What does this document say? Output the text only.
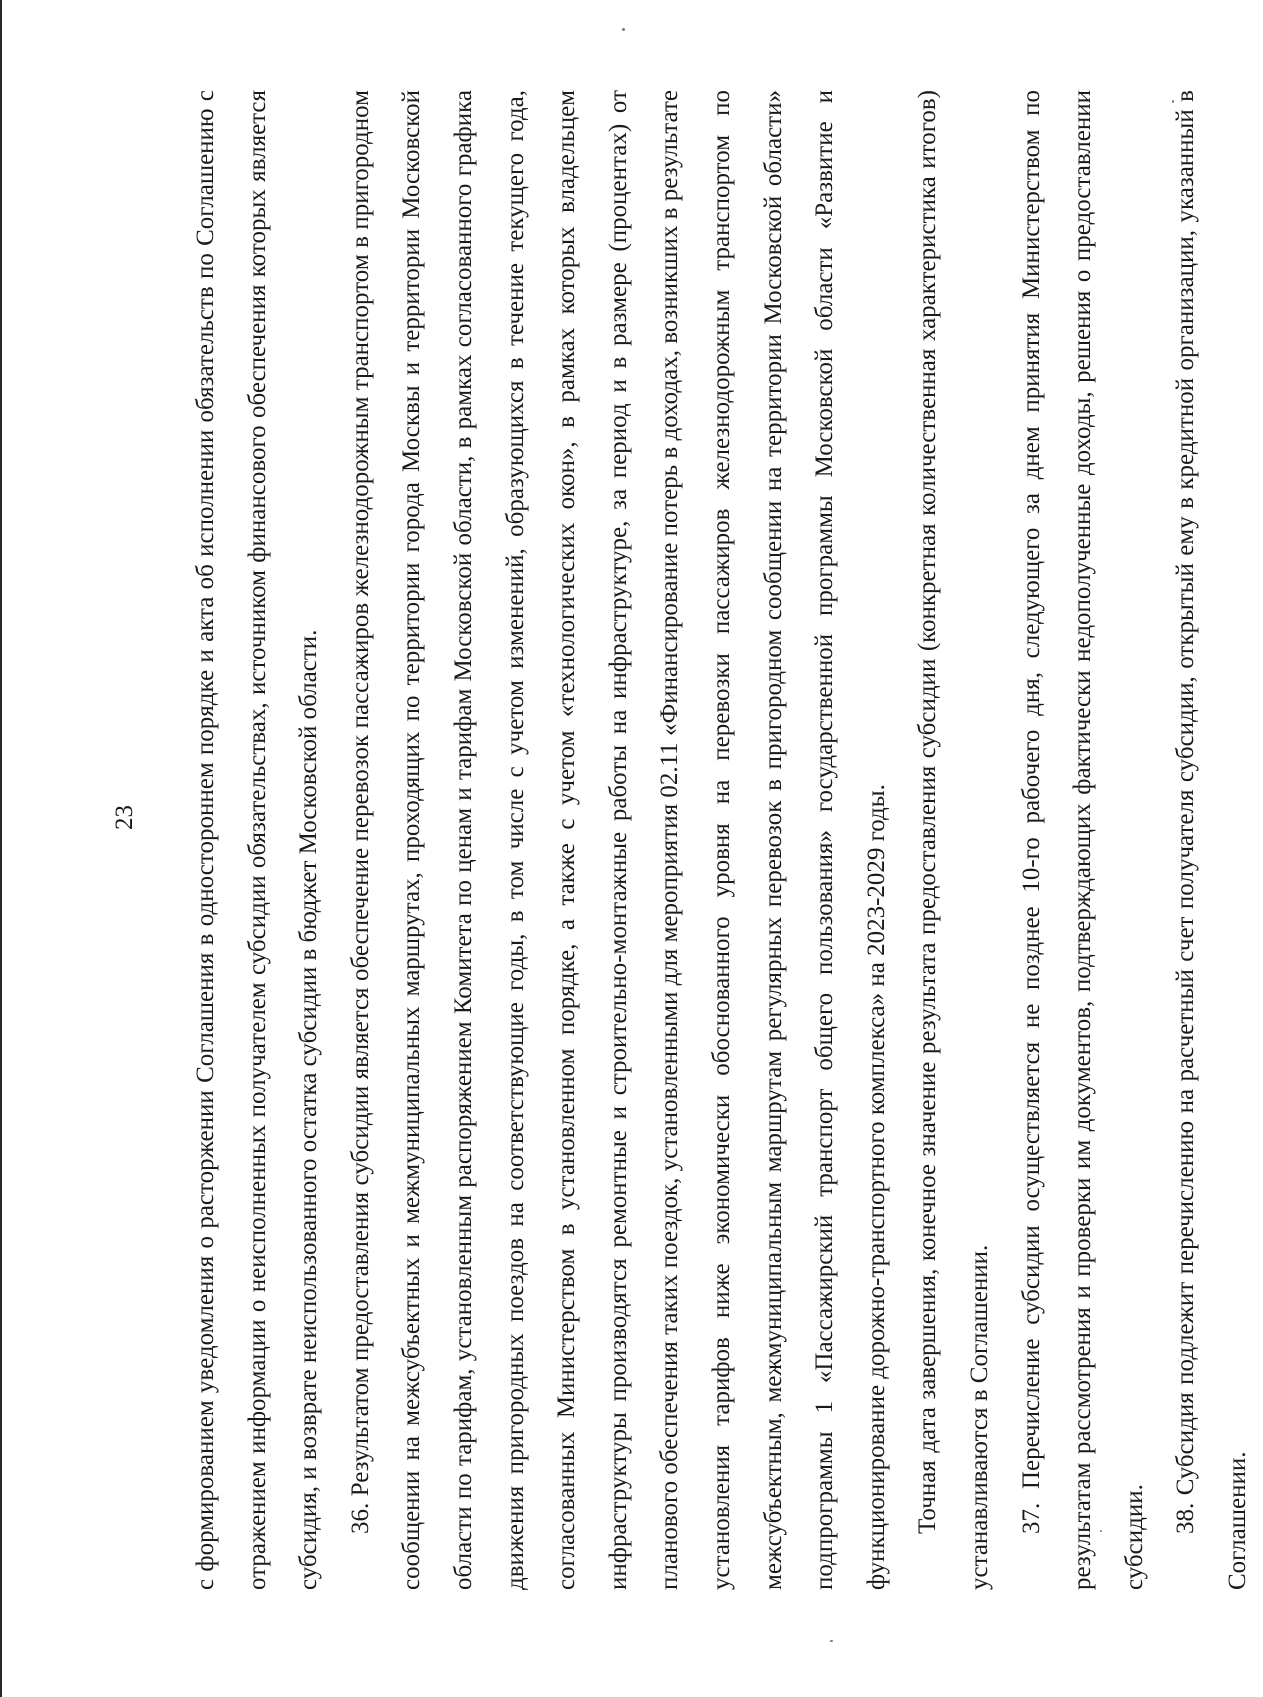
23	с формированием уведомления о расторжении Соглашения в одностороннем порядке и акта об исполнении обязательств по Соглашению с отражением информации о неисполненных получателем субсидии обязательствах, источником финансового обеспечения которых является субсидия, и возврате неиспользованного остатка субсидии в бюджет Московской области. 36. Результатом предоставления субсидии является обеспечение перевозок пассажиров железнодорожным транспортом в пригородном сообщении на межсубъектных и межмуниципальных маршрутах, проходящих по территории города Москвы и территории Московской области по тарифам, установленным распоряжением Комитета по ценам и тарифам Московской области, в рамках согласованного графика движения пригородных поездов на соответствующие годы, в том числе с учетом изменений, образующихся в течение текущего года, согласованных Министерством в установленном порядке, а также с учетом «технологических окон», в рамках которых владельцем инфраструктуры производятся ремонтные и строительно-монтажные работы на инфраструктуре, за период и в размере (процентах) от планового обеспечения таких поездок, установленными для мероприятия 02.11 «Финансирование потерь в доходах, возникших в результате установления тарифов ниже экономически обоснованного уровня на перевозки пассажиров железнодорожным транспортом по межсубъектным, межмуниципальным маршрутам регулярных перевозок в пригородном сообщении на территории Московской области» подпрограммы 1 «Пассажирский транспорт общего пользования» государственной программы Московской области «Развитие и функционирование дорожно-транспортного комплекса» на 2023-2029 годы. Точная дата завершения, конечное значение результата предоставления субсидии (конкретная количественная характеристика итогов) устанавливаются в Соглашении. 37. Перечисление субсидии осуществляется не позднее 10-го рабочего дня, следующего за днем принятия Министерством по результатам рассмотрения и проверки им документов, подтверждающих фактически недополученные доходы, решения о предоставлении субсидии.

38. Субсидия подлежит перечислению на расчетный счет получателя субсидии, открытый ему в кредитной организации, указанный в Соглашении.
